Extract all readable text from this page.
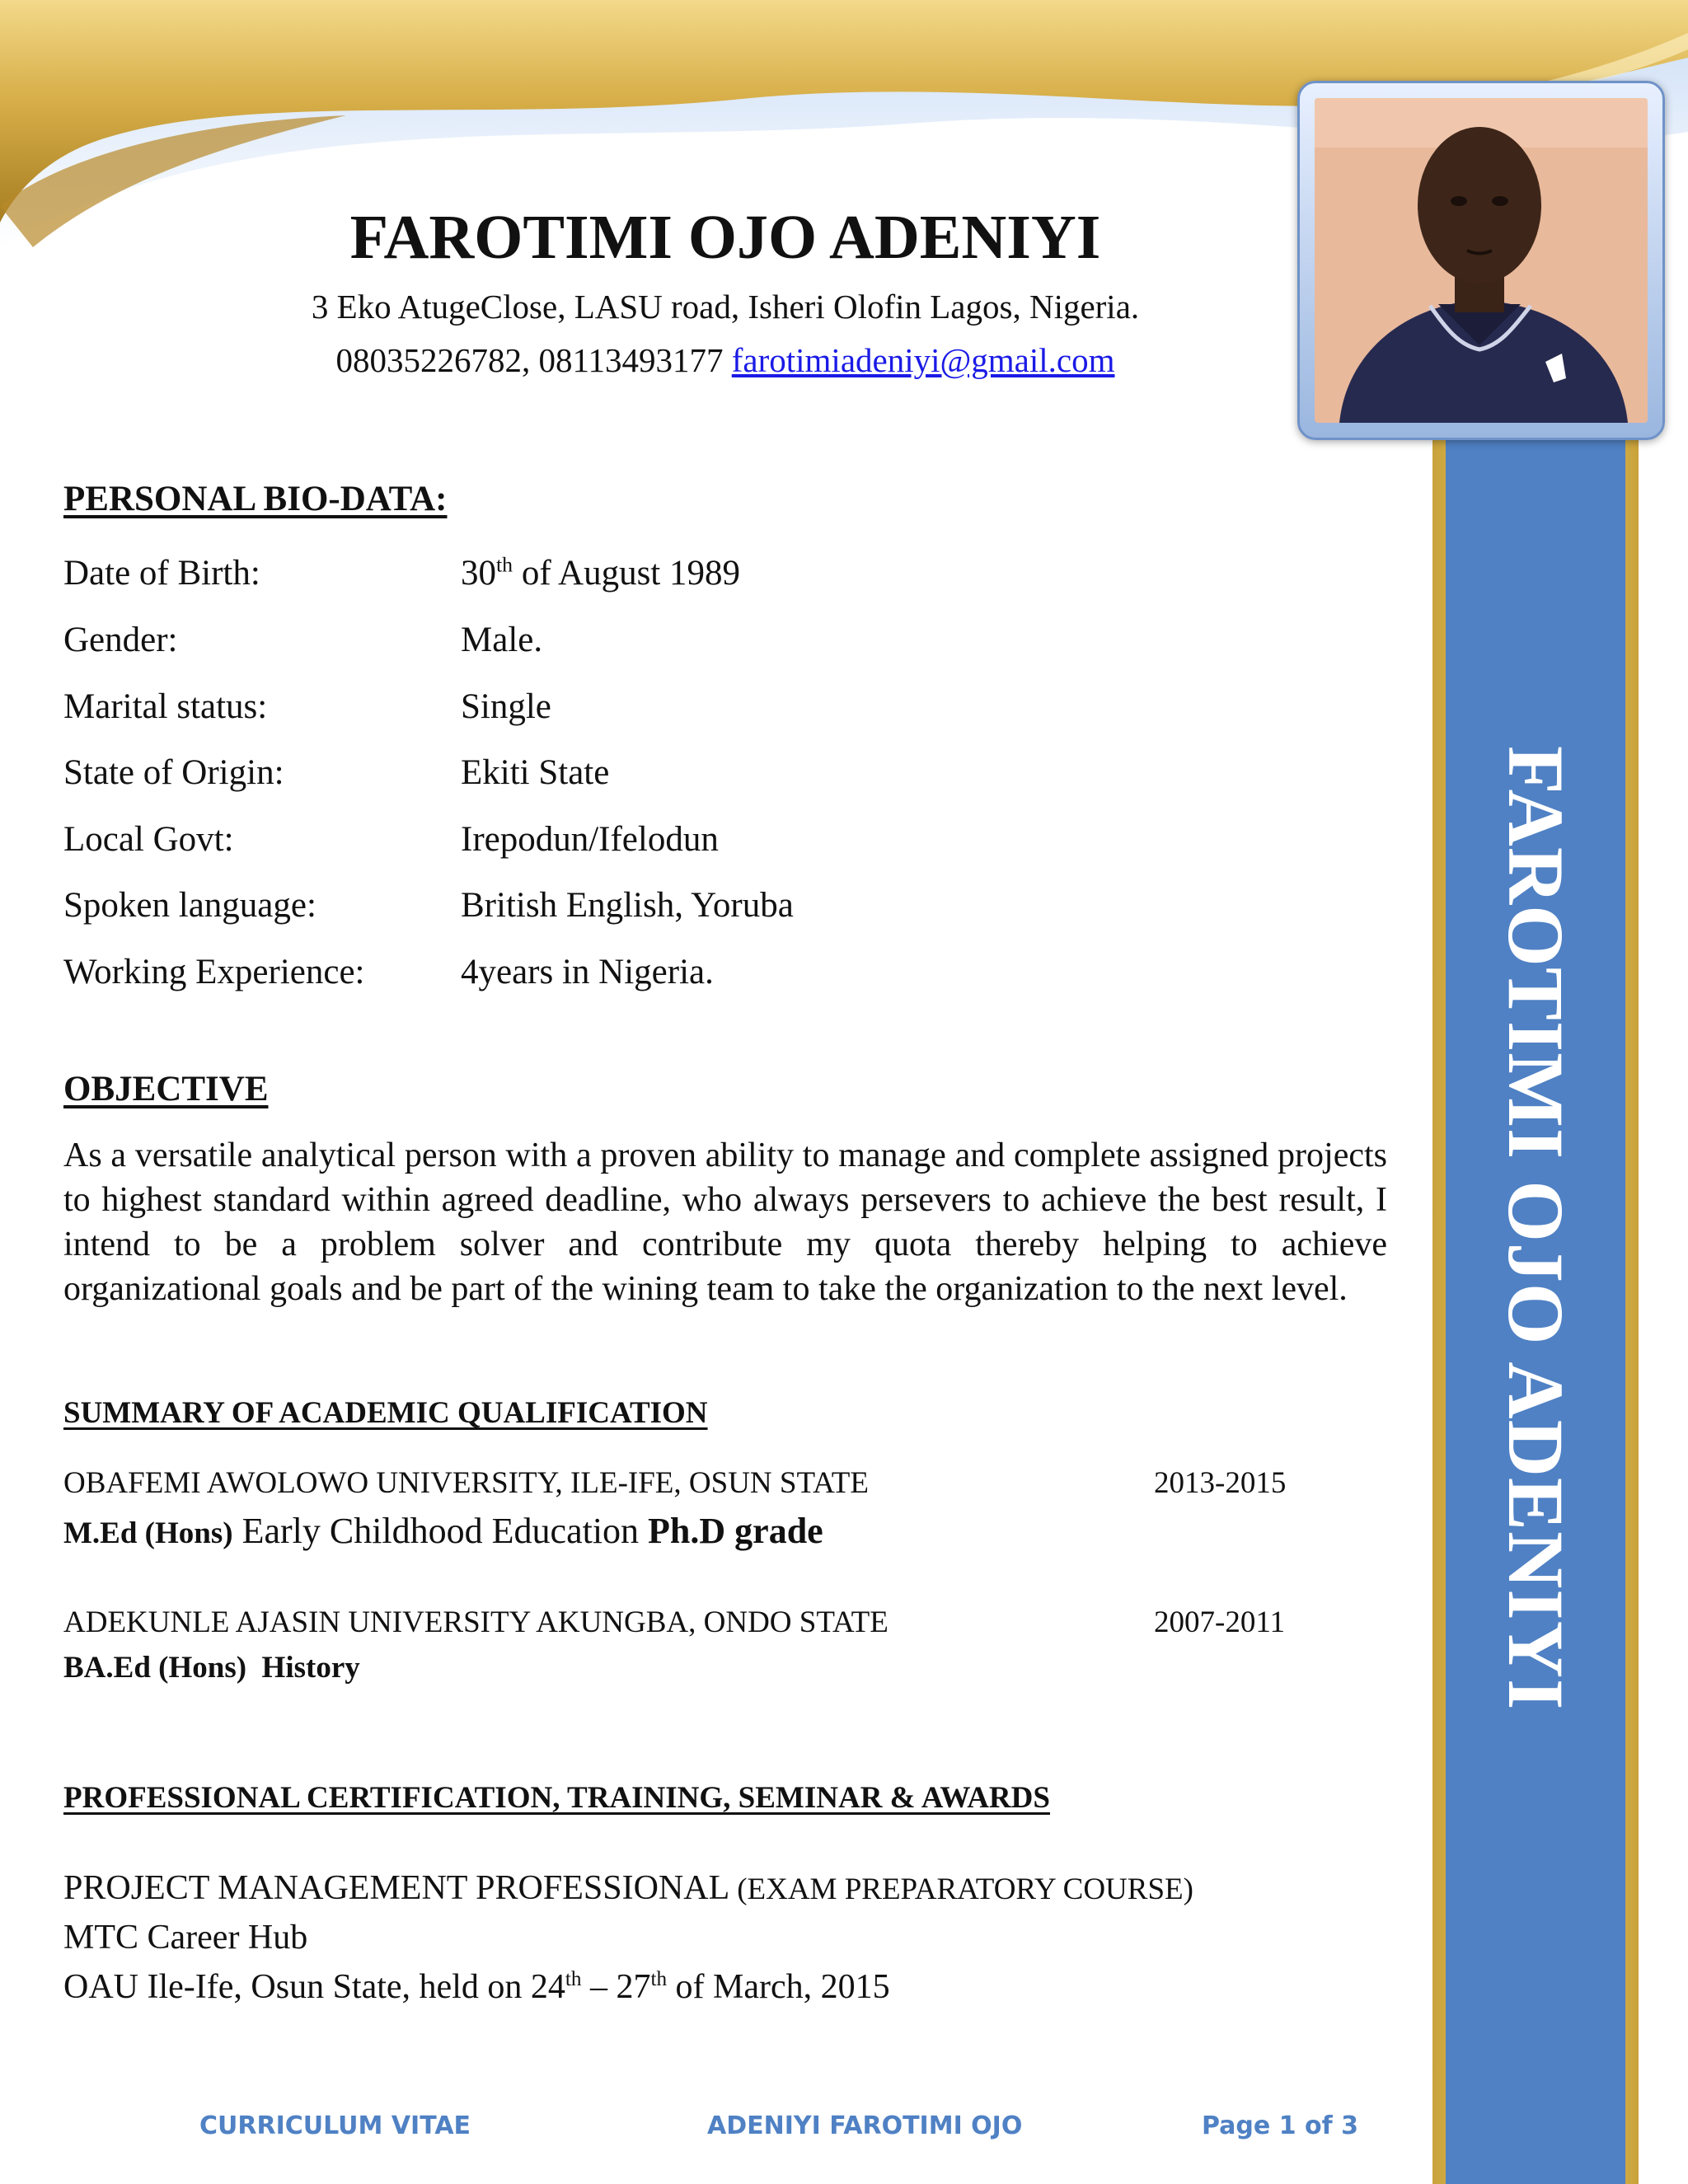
FAROTIMI OJO ADENIYI
FAROTIMI OJO ADENIYI
3 Eko AtugeClose, LASU road, Isheri Olofin Lagos, Nigeria.
08035226782, 08113493177 farotimiadeniyi@gmail.com
PERSONAL BIO-DATA:
Date of Birth:	30th of August 1989
Gender:	Male.
Marital status:	Single
State of Origin:	Ekiti State
Local Govt:	Irepodun/Ifelodun
Spoken language:	British English, Yoruba
Working Experience:	4years in Nigeria.
OBJECTIVE

As a versatile analytical person with a proven ability to manage and complete assigned projects to highest standard within agreed deadline, who always persevers to achieve the best result, I intend to be a problem solver and contribute my quota thereby helping to achieve organizational goals and be part of the wining team to take the organization to the next level.

SUMMARY OF ACADEMIC QUALIFICATION
OBAFEMI AWOLOWO UNIVERSITY, ILE-IFE, OSUN STATE	2013-2015
M.Ed (Hons) Early Childhood Education Ph.D grade
ADEKUNLE AJASIN UNIVERSITY AKUNGBA, ONDO STATE	2007-2011
BA.Ed (Hons)  History
PROFESSIONAL CERTIFICATION, TRAINING, SEMINAR & AWARDS
PROJECT MANAGEMENT PROFESSIONAL (EXAM PREPARATORY COURSE)
MTC Career Hub
OAU Ile-Ife, Osun State, held on 24th – 27th of March, 2015
CURRICULUM VITAE	ADENIYI FAROTIMI OJO	Page 1 of 3
